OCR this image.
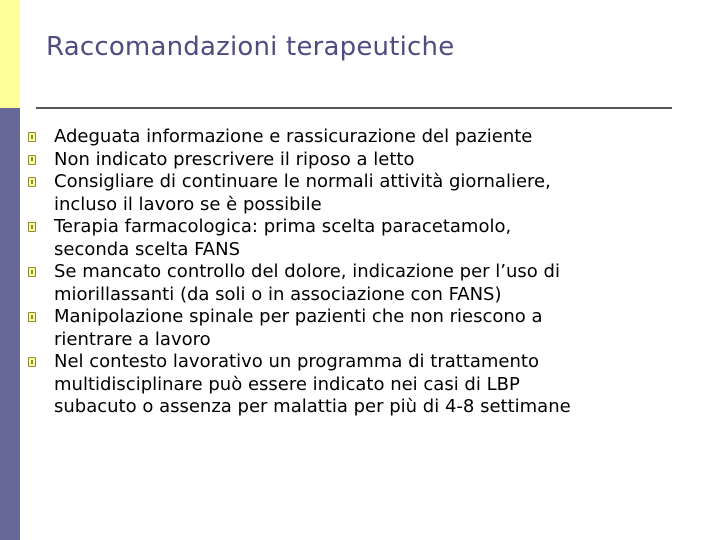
Raccomandazioni terapeutiche
Adeguata informazione e rassicurazione del paziente
Non indicato prescrivere il riposo a letto
Consigliare di continuare le normali attività giornaliere,
incluso il lavoro se è possibile
Terapia farmacologica: prima scelta paracetamolo,
seconda scelta FANS
Se mancato controllo del dolore, indicazione per l’uso di
miorillassanti (da soli o in associazione con FANS)
Manipolazione spinale per pazienti che non riescono a
rientrare a lavoro
Nel contesto lavorativo un programma di trattamento
multidisciplinare può essere indicato nei casi di LBP
subacuto o assenza per malattia per più di 4-8 settimane
